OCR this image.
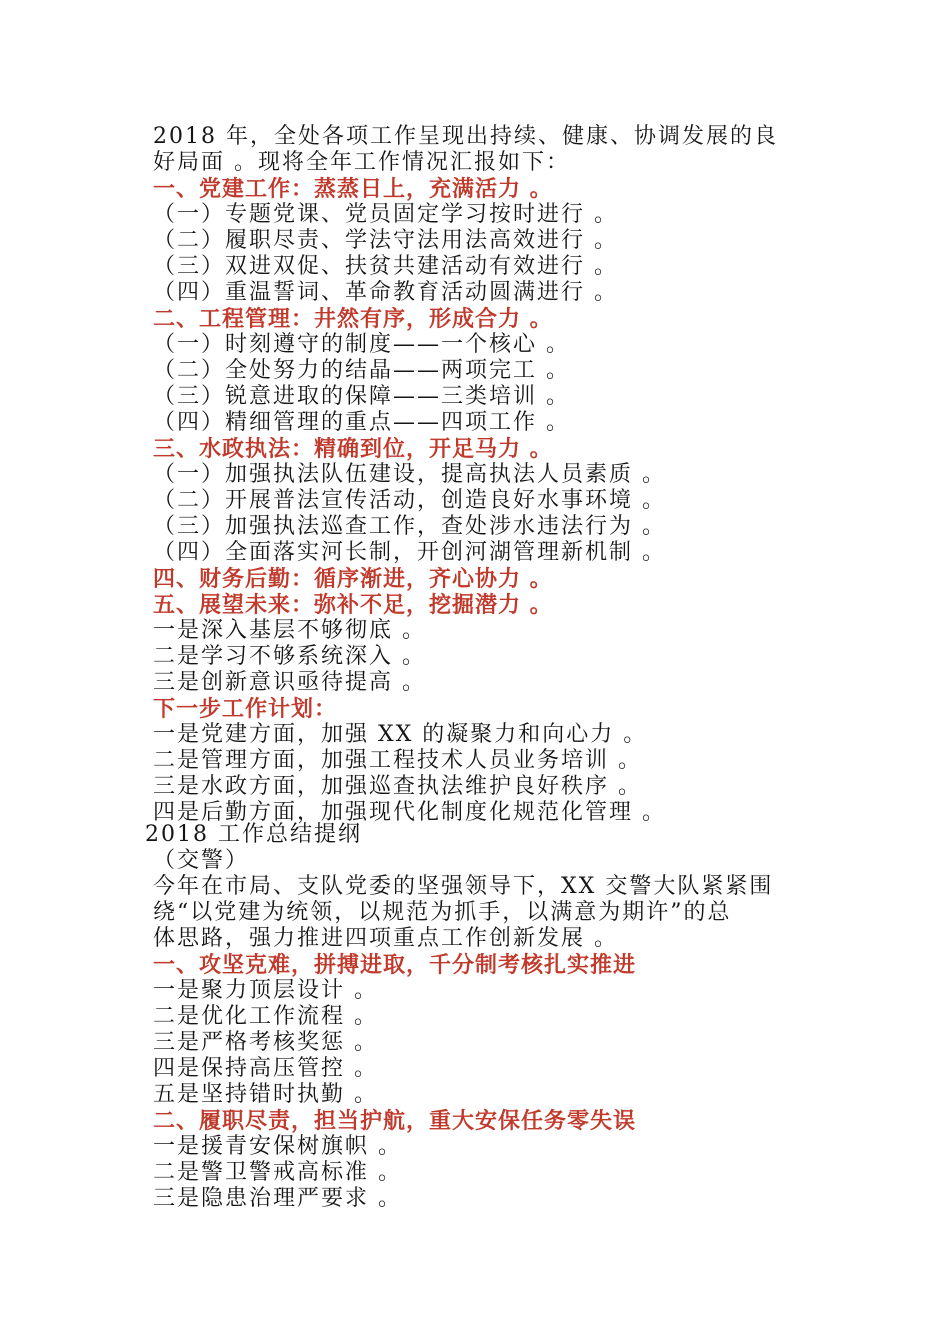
2018 年，全处各项工作呈现出持续、健康、协调发展的良
好局面 。现将全年工作情况汇报如下：
一、党建工作：蒸蒸日上，充满活力 。
（一）专题党课、党员固定学习按时进行 。
（二）履职尽责、学法守法用法高效进行 。
（三）双进双促、扶贫共建活动有效进行 。
（四）重温誓词、革命教育活动圆满进行 。
二、工程管理：井然有序，形成合力 。
（一）时刻遵守的制度——一个核心 。
（二）全处努力的结晶——两项完工 。
（三）锐意进取的保障——三类培训 。
（四）精细管理的重点——四项工作 。
三、水政执法：精确到位，开足马力 。
（一）加强执法队伍建设，提高执法人员素质 。
（二）开展普法宣传活动，创造良好水事环境 。
（三）加强执法巡查工作，查处涉水违法行为 。
（四）全面落实河长制，开创河湖管理新机制 。
四、财务后勤：循序渐进，齐心协力 。
五、展望未来：弥补不足，挖掘潜力 。
一是深入基层不够彻底 。
二是学习不够系统深入 。
三是创新意识亟待提高 。
下一步工作计划：
一是党建方面，加强 XX 的凝聚力和向心力 。
二是管理方面，加强工程技术人员业务培训 。
三是水政方面，加强巡查执法维护良好秩序 。
四是后勤方面，加强现代化制度化规范化管理 。
2018 工作总结提纲
（交警）
今年在市局、支队党委的坚强领导下，XX 交警大队紧紧围
绕“以党建为统领，以规范为抓手，以满意为期许”的总
体思路，强力推进四项重点工作创新发展 。
一、攻坚克难，拼搏进取，千分制考核扎实推进
一是聚力顶层设计 。
二是优化工作流程 。
三是严格考核奖惩 。
四是保持高压管控 。
五是坚持错时执勤 。
二、履职尽责，担当护航，重大安保任务零失误
一是援青安保树旗帜 。
二是警卫警戒高标准 。
三是隐患治理严要求 。
